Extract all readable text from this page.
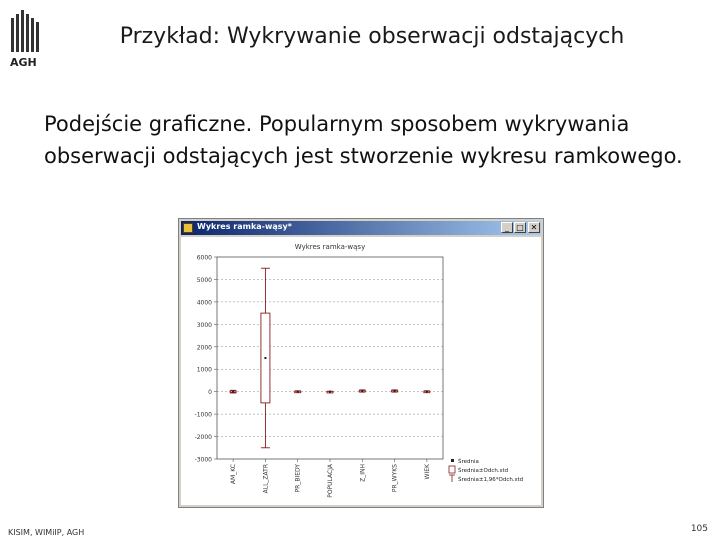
AGH
Przykład: Wykrywanie obserwacji odstających
Podejście graficzne. Popularnym sposobem wykrywania obserwacji odstających jest stworzenie wykresu ramkowego.
Wykres ramka-wąsy*	_ □ ✕
Wykres ramka-wąsy
6000
5000
4000
3000
2000
1000
0
-1000
-2000
-3000
AM_KC	ALL_ZATR	PR_BIEDY	POPULACJA	Z_INH	PR_WYKS	WIEK
Średnia
Średnia±Odch.std
Średnia±1,96*Odch.std
KISIM, WIMiIP, AGH	105
